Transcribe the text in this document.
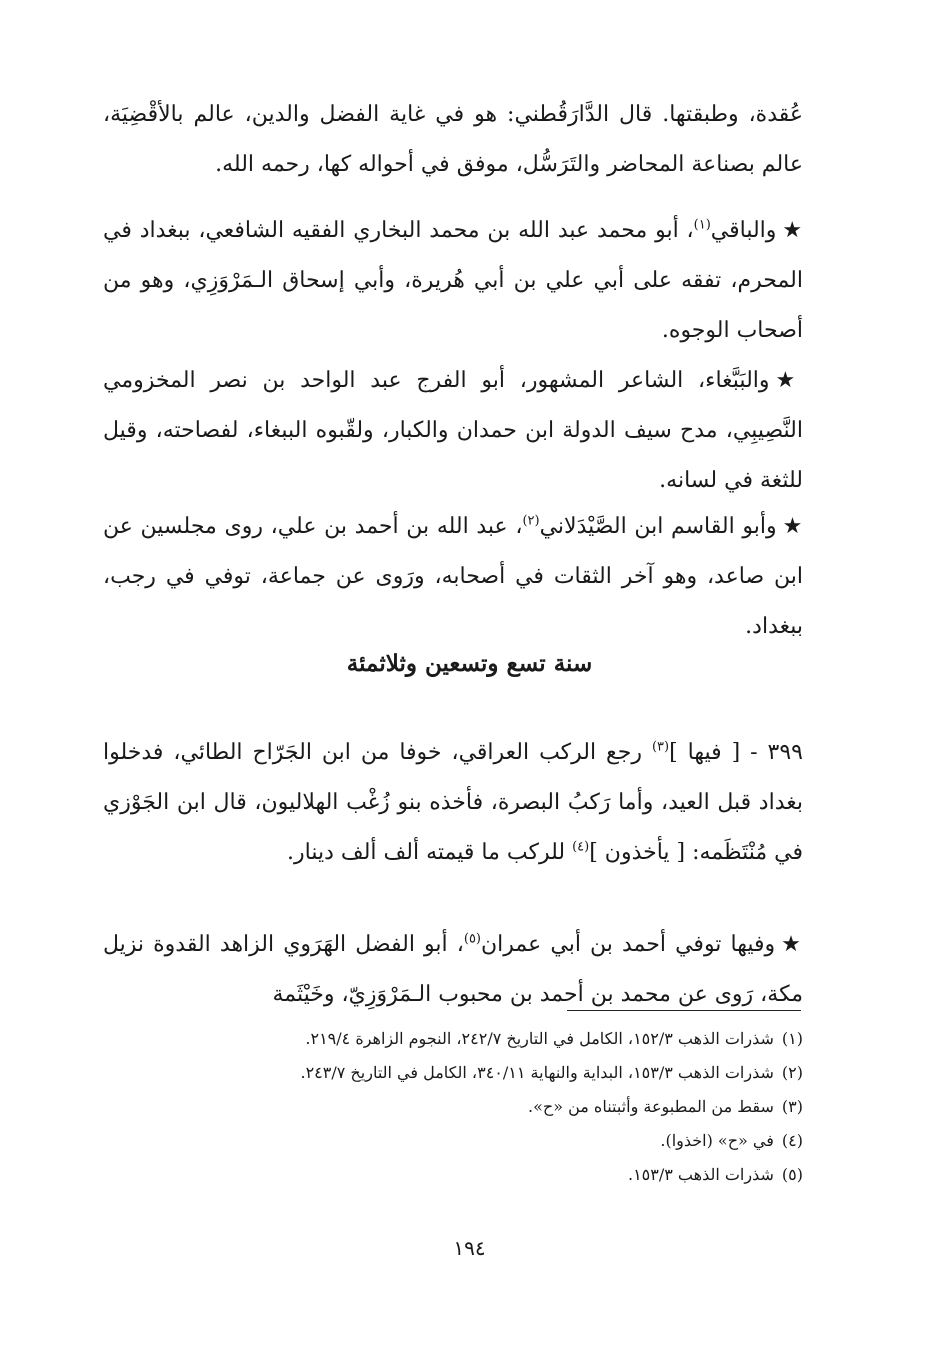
عُقدة، وطبقتها. قال الدَّارَقُطني: هو في غاية الفضل والدين، عالم بالأقْضِيَة، عالم بصناعة المحاضر والتَرَسُّل، موفق في أحواله كها، رحمه الله.

★والباقي$^{(١)}$، أبو محمد عبد الله بن محمد البخاري الفقيه الشافعي، ببغداد في المحرم، تفقه على أبي علي بن أبي هُريرة، وأبي إسحاق الـمَرْوَزِي، وهو من أصحاب الوجوه.

★والبَبَّغاء، الشاعر المشهور، أبو الفرج عبد الواحد بن نصر المخزومي النَّصِيبِي، مدح سيف الدولة ابن حمدان والكبار، ولقّبوه الببغاء، لفصاحته، وقيل للثغة في لسانه.

★وأبو القاسم ابن الصَّيْدَلاني$^{(٢)}$، عبد الله بن أحمد بن علي، روى مجلسين عن ابن صاعد، وهو آخر الثقات في أصحابه، ورَوى عن جماعة، توفي في رجب، ببغداد.

سنة تسع وتسعين وثلاثمئة

٣٩٩ - [ فيها ]$^{(٣)}$ رجع الركب العراقي، خوفا من ابن الجَرّاح الطائي، فدخلوا بغداد قبل العيد، وأما رَكبُ البصرة، فأخذه بنو زُغْب الهلاليون، قال ابن الجَوْزي في مُنْتَظَمه: [ يأخذون ]$^{(٤)}$ للركب ما قيمته ألف ألف دينار.

★وفيها توفي أحمد بن أبي عمران$^{(٥)}$، أبو الفضل الهَرَوي الزاهد القدوة نزيل مكة، رَوى عن محمد بن أحمد بن محبوب الـمَرْوَزِيّ، وخَيْثَمة

(١)شذرات الذهب ١٥٢/٣، الكامل في التاريخ ٢٤٢/٧، النجوم الزاهرة ٢١٩/٤.
(٢)شذرات الذهب ١٥٣/٣، البداية والنهاية ٣٤٠/١١، الكامل في التاريخ ٢٤٣/٧.
(٣)سقط من المطبوعة وأثبتناه من «ح».
(٤)في «ح» (اخذوا).
(٥)شذرات الذهب ١٥٣/٣.
١٩٤
